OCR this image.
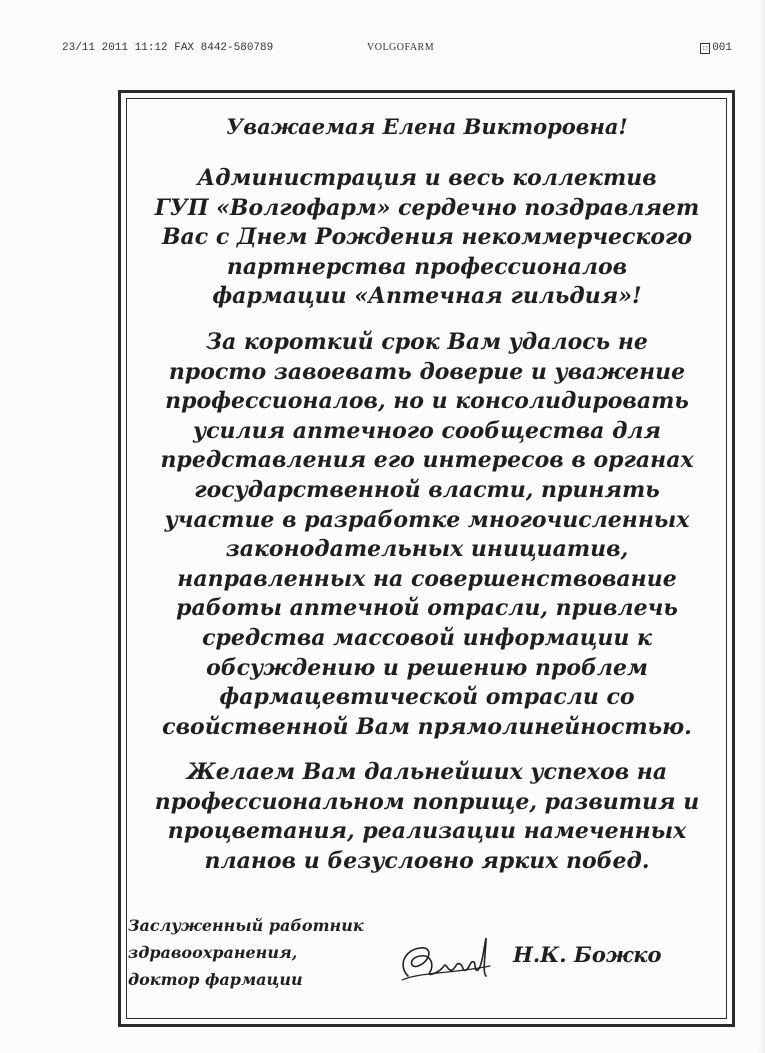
23/11 2011 11:12 FAX 8442-580789	VOLGOFARM	☐ 001
Уважаемая Елена Викторовна!
Администрация и весь коллектив
ГУП «Волгофарм» сердечно поздравляет
Вас с Днем Рождения некоммерческого
партнерства профессионалов
фармации «Аптечная гильдия»!
За короткий срок Вам удалось не
просто завоевать доверие и уважение
профессионалов, но и консолидировать
усилия аптечного сообщества для
представления его интересов в органах
государственной власти, принять
участие в разработке многочисленных
законодательных инициатив,
направленных на совершенствование
работы аптечной отрасли, привлечь
средства массовой информации к
обсуждению и решению проблем
фармацевтической отрасли со
свойственной Вам прямолинейностью.
Желаем Вам дальнейших успехов на
профессиональном поприще, развития и
процветания, реализации намеченных
планов и безусловно ярких побед.
Заслуженный работник
здравоохранения,
доктор фармации
Н.К. Божко
